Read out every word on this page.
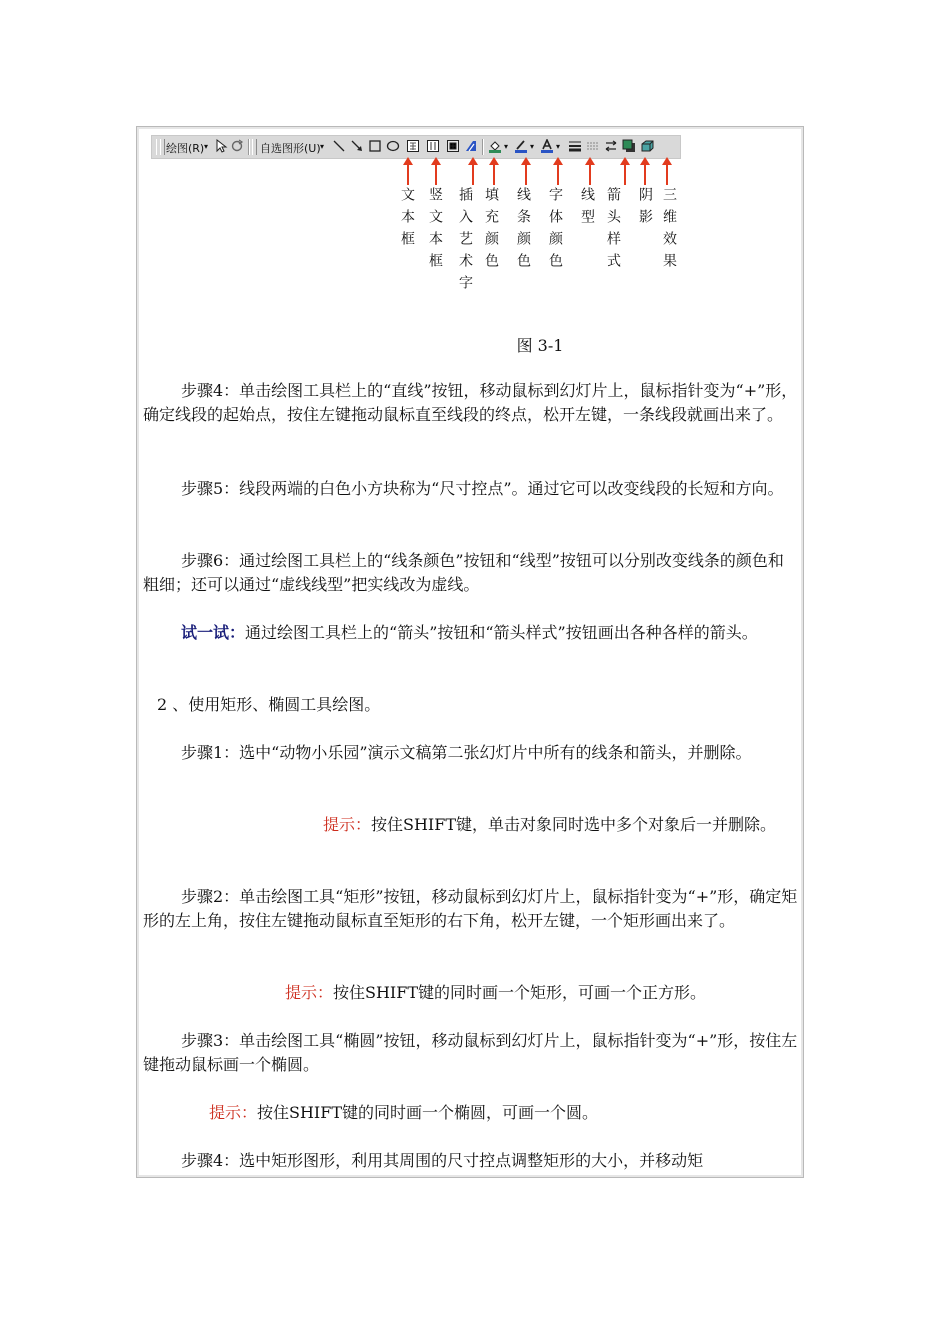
绘图(R) ▾	自选图形(U) ▾	▾	▾	▾
文本框 竖文本框 插入艺术字 填充颜色 线条颜色 字体颜色 线型 箭头样式 阴影 三维效果
图 3-1
步骤4：单击绘图工具栏上的“直线”按钮，移动鼠标到幻灯片上，鼠标指针变为“+”形，确定线段的起始点，按住左键拖动鼠标直至线段的终点，松开左键，一条线段就画出来了。
步骤5：线段两端的白色小方块称为“尺寸控点”。通过它可以改变线段的长短和方向。
步骤6：通过绘图工具栏上的“线条颜色”按钮和“线型”按钮可以分别改变线条的颜色和粗细；还可以通过“虚线线型”把实线改为虚线。
试一试：通过绘图工具栏上的“箭头”按钮和“箭头样式”按钮画出各种各样的箭头。
2 、使用矩形、椭圆工具绘图。
步骤1：选中“动物小乐园”演示文稿第二张幻灯片中所有的线条和箭头，并删除。
提示：按住SHIFT键，单击对象同时选中多个对象后一并删除。
步骤2：单击绘图工具“矩形”按钮，移动鼠标到幻灯片上，鼠标指针变为“+”形，确定矩形的左上角，按住左键拖动鼠标直至矩形的右下角，松开左键，一个矩形画出来了。
提示：按住SHIFT键的同时画一个矩形，可画一个正方形。
步骤3：单击绘图工具“椭圆”按钮，移动鼠标到幻灯片上，鼠标指针变为“+”形，按住左键拖动鼠标画一个椭圆。
提示：按住SHIFT键的同时画一个椭圆，可画一个圆。
步骤4：选中矩形图形，利用其周围的尺寸控点调整矩形的大小，并移动矩
